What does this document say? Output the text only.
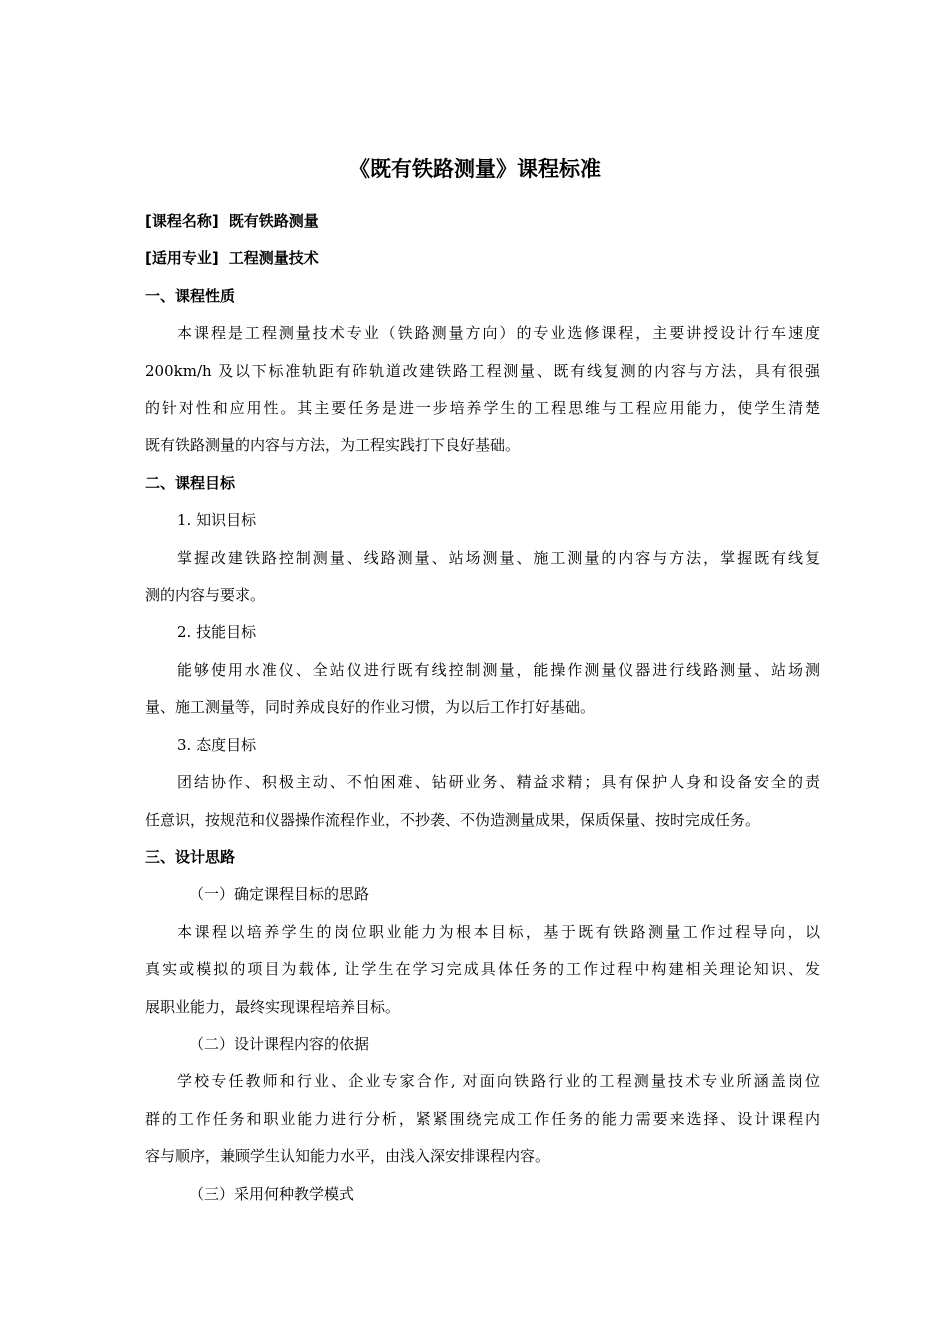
《既有铁路测量》课程标准
[课程名称] 既有铁路测量
[适用专业] 工程测量技术
一、课程性质
本课程是工程测量技术专业（铁路测量方向）的专业选修课程，主要讲授设计行车速度
200km/h 及以下标准轨距有砟轨道改建铁路工程测量、既有线复测的内容与方法，具有很强
的针对性和应用性。其主要任务是进一步培养学生的工程思维与工程应用能力，使学生清楚
既有铁路测量的内容与方法，为工程实践打下良好基础。
二、课程目标
1. 知识目标
掌握改建铁路控制测量、线路测量、站场测量、施工测量的内容与方法，掌握既有线复
测的内容与要求。
2. 技能目标
能够使用水准仪、全站仪进行既有线控制测量，能操作测量仪器进行线路测量、站场测
量、施工测量等，同时养成良好的作业习惯，为以后工作打好基础。
3. 态度目标
团结协作、积极主动、不怕困难、钻研业务、精益求精；具有保护人身和设备安全的责
任意识，按规范和仪器操作流程作业，不抄袭、不伪造测量成果，保质保量、按时完成任务。
三、设计思路
（一）确定课程目标的思路
本课程以培养学生的岗位职业能力为根本目标，基于既有铁路测量工作过程导向，以
真实或模拟的项目为载体, 让学生在学习完成具体任务的工作过程中构建相关理论知识、发
展职业能力，最终实现课程培养目标。
（二）设计课程内容的依据
学校专任教师和行业、企业专家合作, 对面向铁路行业的工程测量技术专业所涵盖岗位
群的工作任务和职业能力进行分析，紧紧围绕完成工作任务的能力需要来选择、设计课程内
容与顺序，兼顾学生认知能力水平，由浅入深安排课程内容。
（三）采用何种教学模式
